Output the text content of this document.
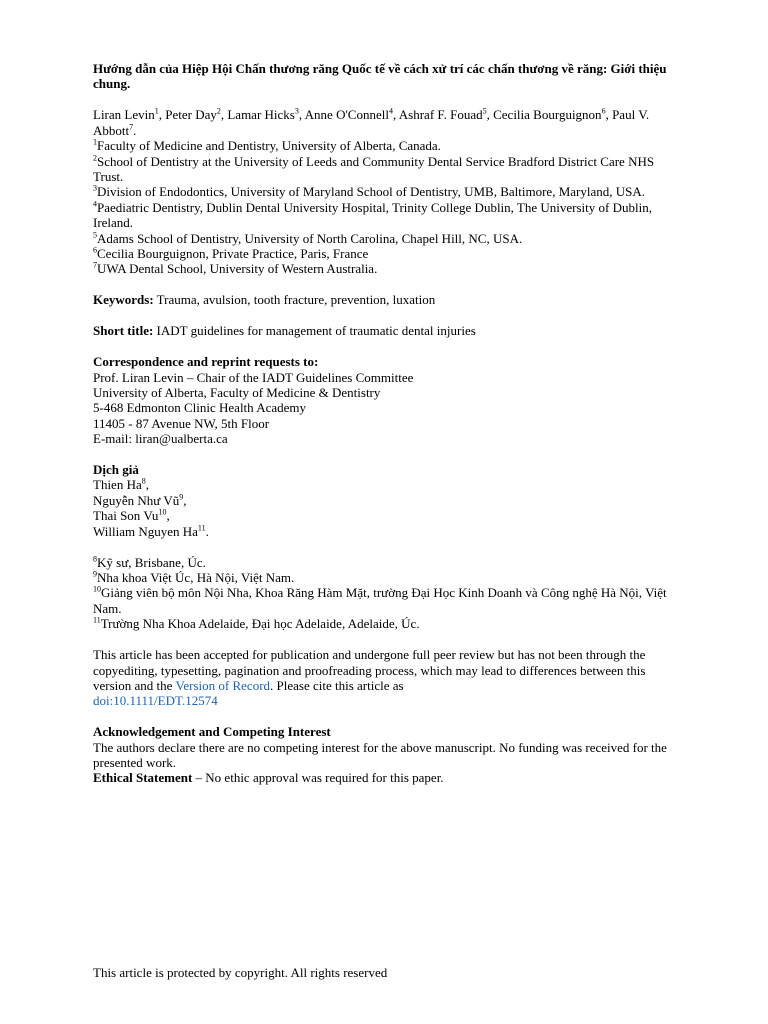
Hướng dẫn của Hiệp Hội Chấn thương răng Quốc tế về cách xử trí các chấn thương về răng: Giới thiệu chung.

Liran Levin$^1$, Peter Day$^2$, Lamar Hicks$^3$, Anne O'Connell$^4$, Ashraf F. Fouad$^5$, Cecilia Bourguignon$^6$, Paul V. Abbott$^7$.
$^1$Faculty of Medicine and Dentistry, University of Alberta, Canada.
$^2$School of Dentistry at the University of Leeds and Community Dental Service Bradford District Care NHS Trust.
$^3$Division of Endodontics, University of Maryland School of Dentistry, UMB, Baltimore, Maryland, USA.
$^4$Paediatric Dentistry, Dublin Dental University Hospital, Trinity College Dublin, The University of Dublin, Ireland.
$^5$Adams School of Dentistry, University of North Carolina, Chapel Hill, NC, USA.
$^6$Cecilia Bourguignon, Private Practice, Paris, France
$^7$UWA Dental School, University of Western Australia.
Keywords: Trauma, avulsion, tooth fracture, prevention, luxation
Short title: IADT guidelines for management of traumatic dental injuries
Correspondence and reprint requests to:
Prof. Liran Levin – Chair of the IADT Guidelines Committee
University of Alberta, Faculty of Medicine & Dentistry
5-468 Edmonton Clinic Health Academy
11405 - 87 Avenue NW, 5th Floor
E-mail: liran@ualberta.ca
Dịch giả
Thien Ha$^8$,
Nguyễn Như $Vũ^9$,
Thai Son Vu$^{10}$,
William Nguyen Ha$^{11}$.
$^8$Kỹ sư, Brisbane, Úc.
$^9$Nha khoa Việt Úc, Hà Nội, Việt Nam.
$^{10}$Giảng viên bộ môn Nội Nha, Khoa Răng Hàm Mặt, trường Đại Học Kinh Doanh và Công nghệ Hà Nội, Việt Nam.
$^{11}$Trường Nha Khoa Adelaide, Đại học Adelaide, Adelaide, Úc.
This article has been accepted for publication and undergone full peer review but has not been through the copyediting, typesetting, pagination and proofreading process, which may lead to differences between this version and the Version of Record. Please cite this article as
doi:10.1111/EDT.12574
Acknowledgement and Competing Interest
The authors declare there are no competing interest for the above manuscript. No funding was received for the presented work.
Ethical Statement – No ethic approval was required for this paper.
This article is protected by copyright. All rights reserved
